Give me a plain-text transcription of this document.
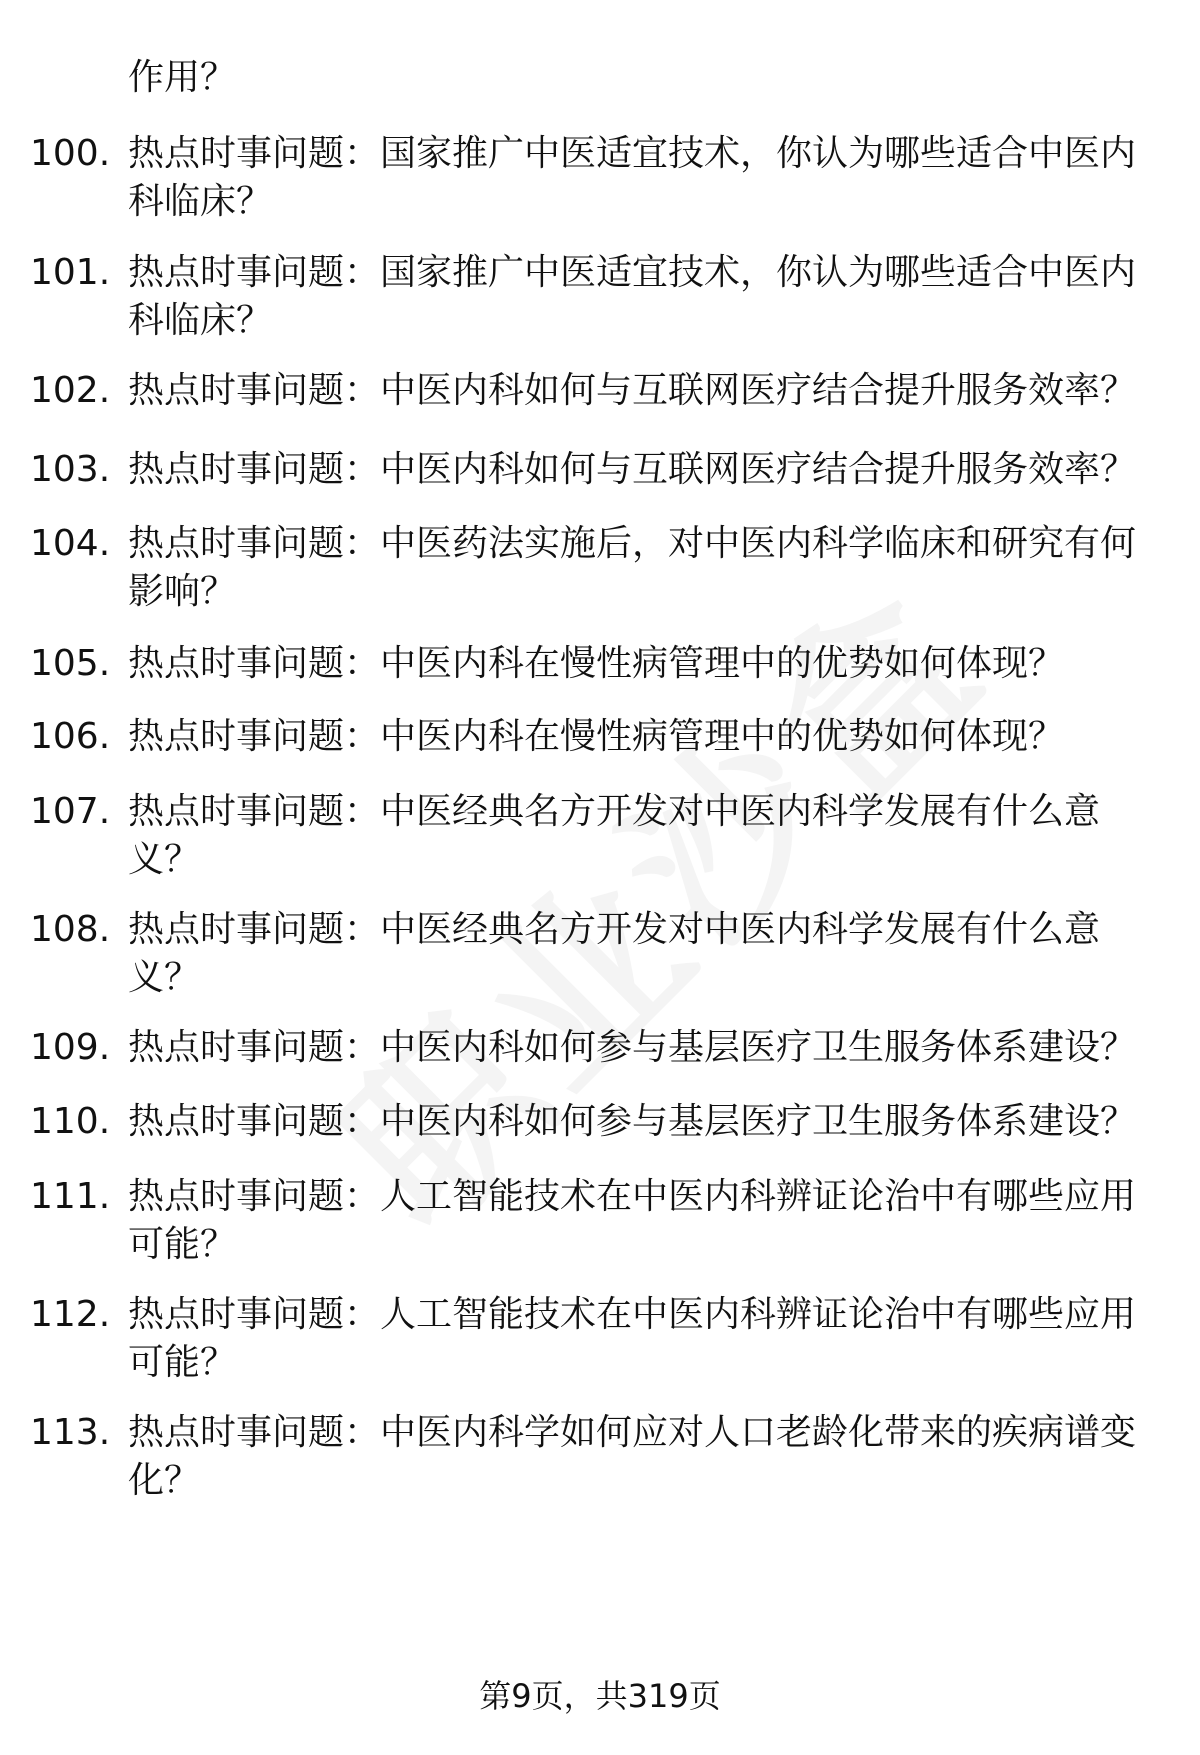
作用？
100. 热点时事问题：国家推广中医适宜技术，你认为哪些适合中医内科临床？
101. 热点时事问题：国家推广中医适宜技术，你认为哪些适合中医内科临床？
102. 热点时事问题：中医内科如何与互联网医疗结合提升服务效率？
103. 热点时事问题：中医内科如何与互联网医疗结合提升服务效率？
104. 热点时事问题：中医药法实施后，对中医内科学临床和研究有何影响？
105. 热点时事问题：中医内科在慢性病管理中的优势如何体现？
106. 热点时事问题：中医内科在慢性病管理中的优势如何体现？
107. 热点时事问题：中医经典名方开发对中医内科学发展有什么意义？
108. 热点时事问题：中医经典名方开发对中医内科学发展有什么意义？
109. 热点时事问题：中医内科如何参与基层医疗卫生服务体系建设？
110. 热点时事问题：中医内科如何参与基层医疗卫生服务体系建设？
111. 热点时事问题：人工智能技术在中医内科辨证论治中有哪些应用可能？
112. 热点时事问题：人工智能技术在中医内科辨证论治中有哪些应用可能？
113. 热点时事问题：中医内科学如何应对人口老龄化带来的疾病谱变化？
第9页，共319页
